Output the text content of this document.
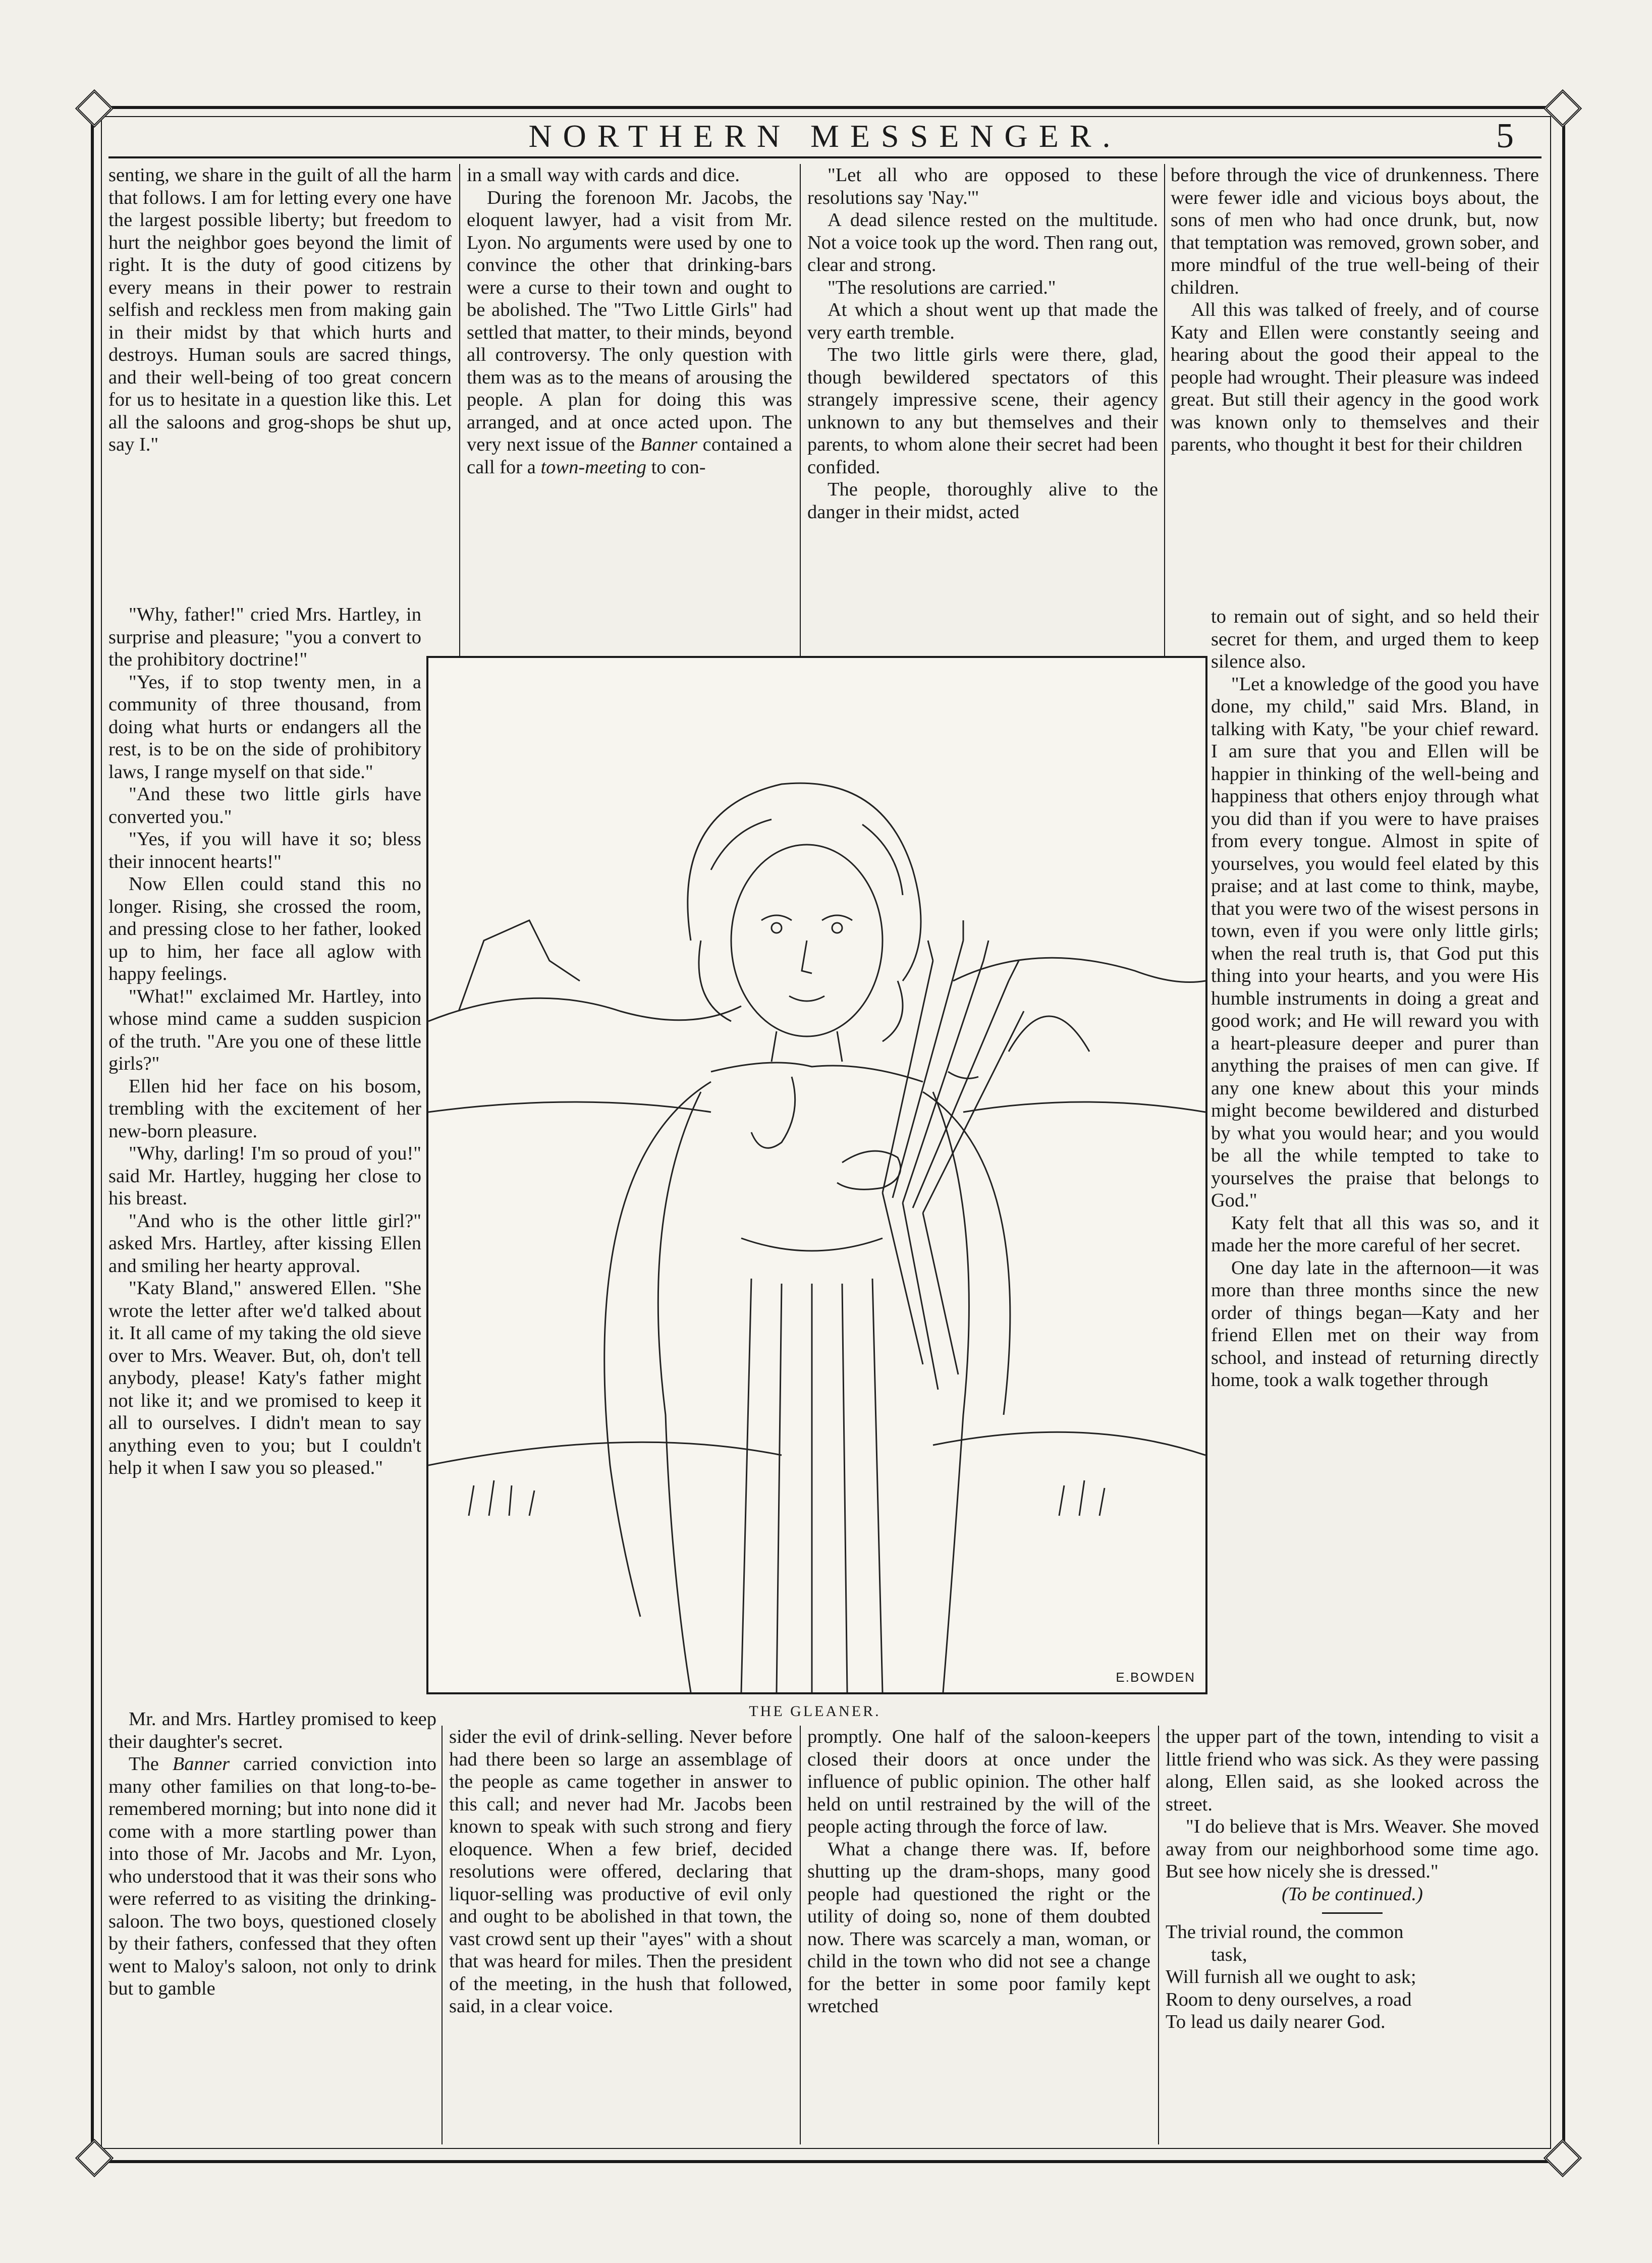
NORTHERN MESSENGER.	5

senting, we share in the guilt of all the harm that follows. I am for letting every one have the largest possible liberty; but freedom to hurt the neighbor goes beyond the limit of right. It is the duty of good citizens by every means in their power to restrain selfish and reckless men from making gain in their midst by that which hurts and destroys. Human souls are sacred things, and their well-being of too great concern for us to hesitate in a question like this. Let all the saloons and grog-shops be shut up, say I."

"Why, father!" cried Mrs. Hartley, in surprise and pleasure; "you a convert to the prohibitory doctrine!"

"Yes, if to stop twenty men, in a community of three thousand, from doing what hurts or endangers all the rest, is to be on the side of prohibitory laws, I range myself on that side."

"And these two little girls have converted you."

"Yes, if you will have it so; bless their innocent hearts!"

Now Ellen could stand this no longer. Rising, she crossed the room, and pressing close to her father, looked up to him, her face all aglow with happy feelings.

"What!" exclaimed Mr. Hartley, into whose mind came a sudden suspicion of the truth. "Are you one of these little girls?"

Ellen hid her face on his bosom, trembling with the excitement of her new-born pleasure.

"Why, darling! I'm so proud of you!" said Mr. Hartley, hugging her close to his breast.

"And who is the other little girl?" asked Mrs. Hartley, after kissing Ellen and smiling her hearty approval.

"Katy Bland," answered Ellen. "She wrote the letter after we'd talked about it. It all came of my taking the old sieve over to Mrs. Weaver. But, oh, don't tell anybody, please! Katy's father might not like it; and we promised to keep it all to ourselves. I didn't mean to say anything even to you; but I couldn't help it when I saw you so pleased."

Mr. and Mrs. Hartley promised to keep their daughter's secret.

The Banner carried conviction into many other families on that long-to-be-remembered morning; but into none did it come with a more startling power than into those of Mr. Jacobs and Mr. Lyon, who understood that it was their sons who were referred to as visiting the drinking-saloon. The two boys, questioned closely by their fathers, confessed that they often went to Maloy's saloon, not only to drink but to gamble

in a small way with cards and dice.

During the forenoon Mr. Jacobs, the eloquent lawyer, had a visit from Mr. Lyon. No arguments were used by one to convince the other that drinking-bars were a curse to their town and ought to be abolished. The "Two Little Girls" had settled that matter, to their minds, beyond all controversy. The only question with them was as to the means of arousing the people. A plan for doing this was arranged, and at once acted upon. The very next issue of the Banner contained a call for a town-meeting to con-

"Let all who are opposed to these resolutions say 'Nay.'"

A dead silence rested on the multitude. Not a voice took up the word. Then rang out, clear and strong.

"The resolutions are carried."

At which a shout went up that made the very earth tremble.

The two little girls were there, glad, though bewildered spectators of this strangely impressive scene, their agency unknown to any but themselves and their parents, to whom alone their secret had been confided.

The people, thoroughly alive to the danger in their midst, acted

before through the vice of drunkenness. There were fewer idle and vicious boys about, the sons of men who had once drunk, but, now that temptation was removed, grown sober, and more mindful of the true well-being of their children.

All this was talked of freely, and of course Katy and Ellen were constantly seeing and hearing about the good their appeal to the people had wrought. Their pleasure was indeed great. But still their agency in the good work was known only to themselves and their parents, who thought it best for their children

to remain out of sight, and so held their secret for them, and urged them to keep silence also.

"Let a knowledge of the good you have done, my child," said Mrs. Bland, in talking with Katy, "be your chief reward. I am sure that you and Ellen will be happier in thinking of the well-being and happiness that others enjoy through what you did than if you were to have praises from every tongue. Almost in spite of yourselves, you would feel elated by this praise; and at last come to think, maybe, that you were two of the wisest persons in town, even if you were only little girls; when the real truth is, that God put this thing into your hearts, and you were His humble instruments in doing a great and good work; and He will reward you with a heart-pleasure deeper and purer than anything the praises of men can give. If any one knew about this your minds might become bewildered and disturbed by what you would hear; and you would be all the while tempted to take to yourselves the praise that belongs to God."

Katy felt that all this was so, and it made her the more careful of her secret.

One day late in the afternoon—it was more than three months since the new order of things began—Katy and her friend Ellen met on their way from school, and instead of returning directly home, took a walk together through

E.BOWDEN
THE GLEANER.

sider the evil of drink-selling. Never before had there been so large an assemblage of the people as came together in answer to this call; and never had Mr. Jacobs been known to speak with such strong and fiery eloquence. When a few brief, decided resolutions were offered, declaring that liquor-selling was productive of evil only and ought to be abolished in that town, the vast crowd sent up their "ayes" with a shout that was heard for miles. Then the president of the meeting, in the hush that followed, said, in a clear voice.

promptly. One half of the saloon-keepers closed their doors at once under the influence of public opinion. The other half held on until restrained by the will of the people acting through the force of law.

What a change there was. If, before shutting up the dram-shops, many good people had questioned the right or the utility of doing so, none of them doubted now. There was scarcely a man, woman, or child in the town who did not see a change for the better in some poor family kept wretched

the upper part of the town, intending to visit a little friend who was sick. As they were passing along, Ellen said, as she looked across the street.

"I do believe that is Mrs. Weaver. She moved away from our neighborhood some time ago. But see how nicely she is dressed."

(To be continued.)

The trivial round, the common
task,
Will furnish all we ought to ask;
Room to deny ourselves, a road
To lead us daily nearer God.
